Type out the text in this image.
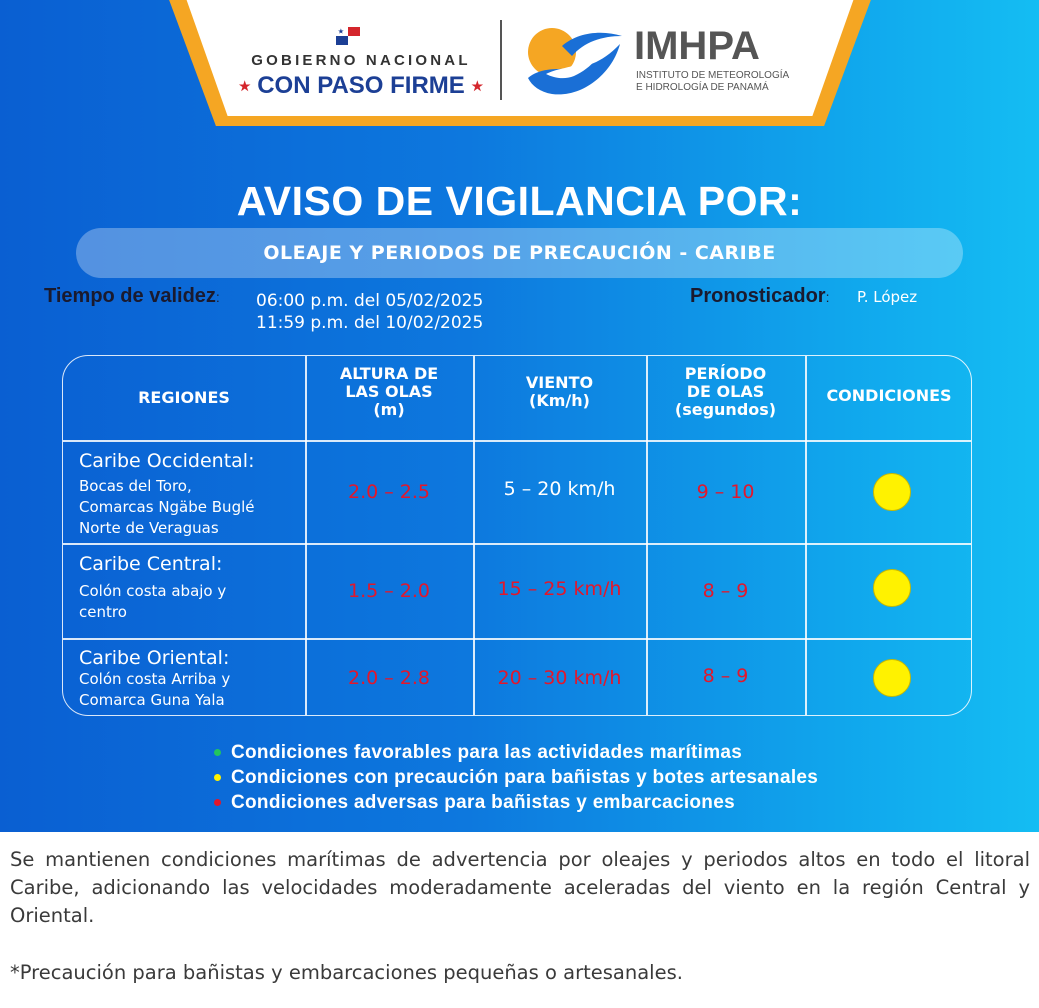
GOBIERNO NACIONAL
★ CON PASO FIRME ★
IMHPA
INSTITUTO DE METEOROLOGÍA
E HIDROLOGÍA DE PANAMÁ
AVISO DE VIGILANCIA POR:
OLEAJE Y PERIODOS DE PRECAUCIÓN - CARIBE
Tiempo de validez: 06:00 p.m. del 05/02/2025
11:59 p.m. del 10/02/2025
Pronosticador: P. López
REGIONES
ALTURA DE
LAS OLAS
(m)
VIENTO
(Km/h)
PERÍODO
DE OLAS
(segundos)
CONDICIONES
Caribe Occidental:
Bocas del Toro,
Comarcas Ngäbe Buglé
Norte de Veraguas
2.0 – 2.5	5 – 20 km/h	9 – 10
Caribe Central:
Colón costa abajo y
centro
1.5 – 2.0	15 – 25 km/h	8 – 9
Caribe Oriental:
Colón costa Arriba y
Comarca Guna Yala
2.0 – 2.8	20 – 30 km/h	8 – 9
Condiciones favorables para las actividades marítimas
Condiciones con precaución para bañistas y botes artesanales
Condiciones adversas para bañistas y embarcaciones
Se mantienen condiciones marítimas de advertencia por oleajes y periodos altos en todo el litoral Caribe, adicionando las velocidades moderadamente aceleradas del viento en la región Central y Oriental.
*Precaución para bañistas y embarcaciones pequeñas o artesanales.
